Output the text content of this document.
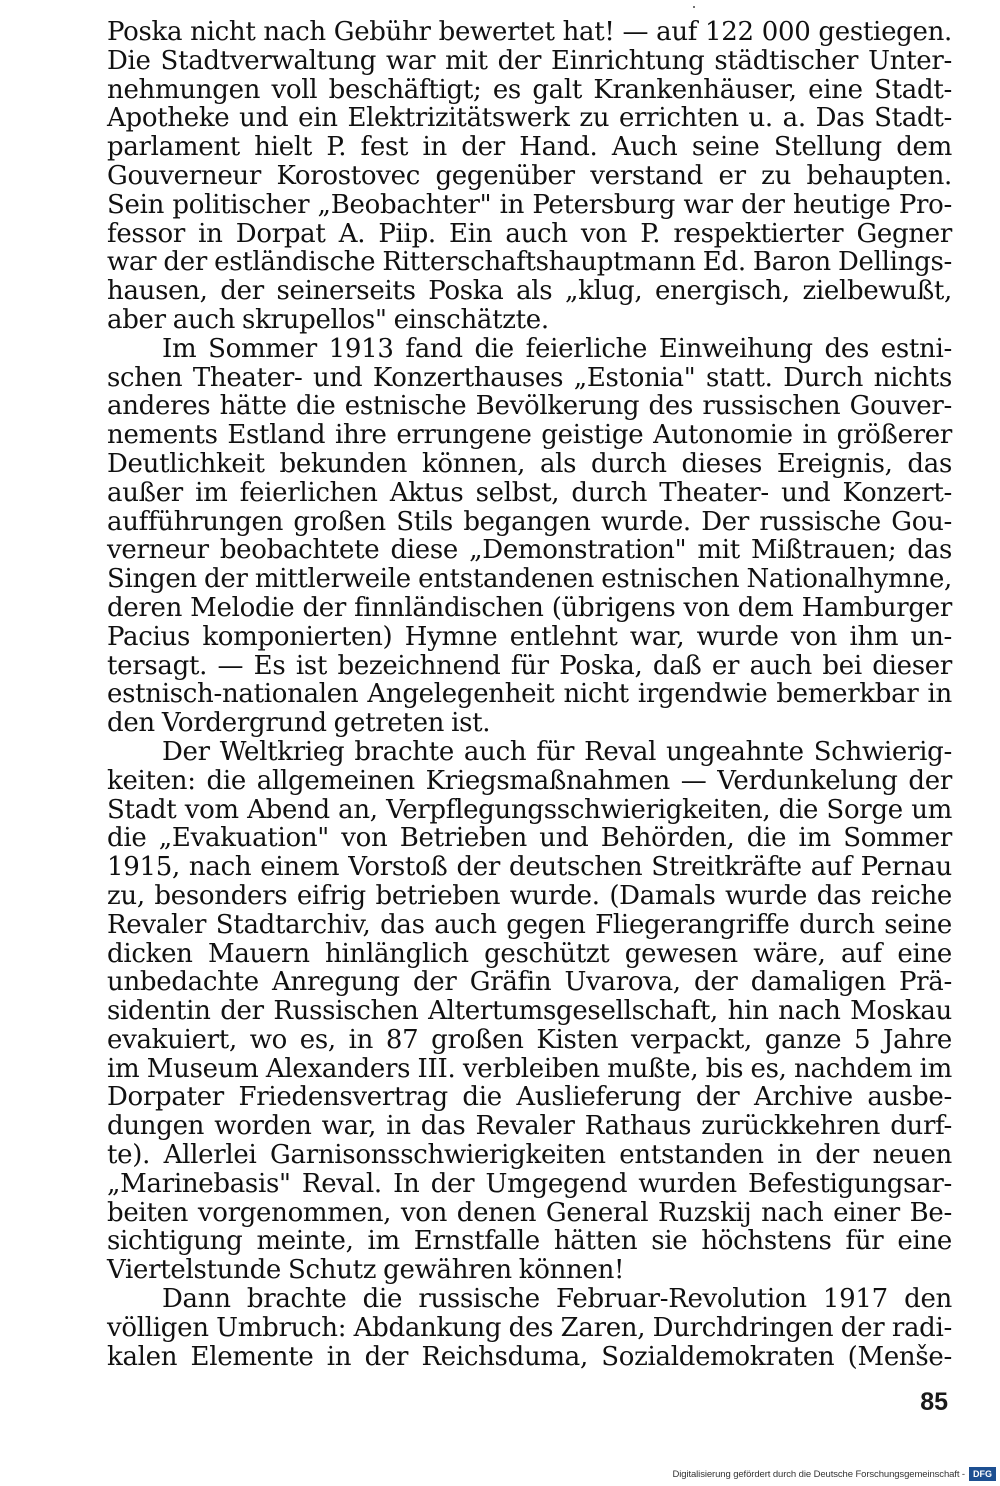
Poska nicht nach Gebühr bewertet hat! — auf 122 000 gestiegen.
Die Stadtverwaltung war mit der Einrichtung städtischer Unter-
nehmungen voll beschäftigt; es galt Krankenhäuser, eine Stadt-
Apotheke und ein Elektrizitätswerk zu errichten u. a. Das Stadt-
parlament hielt P. fest in der Hand. Auch seine Stellung dem
Gouverneur Korostovec gegenüber verstand er zu behaupten.
Sein politischer „Beobachter" in Petersburg war der heutige Pro-
fessor in Dorpat A. Piip. Ein auch von P. respektierter Gegner
war der estländische Ritterschaftshauptmann Ed. Baron Dellings-
hausen, der seinerseits Poska als „klug, energisch, zielbewußt,
aber auch skrupellos" einschätzte.
Im Sommer 1913 fand die feierliche Einweihung des estni-
schen Theater- und Konzerthauses „Estonia" statt. Durch nichts
anderes hätte die estnische Bevölkerung des russischen Gouver-
nements Estland ihre errungene geistige Autonomie in größerer
Deutlichkeit bekunden können, als durch dieses Ereignis, das
außer im feierlichen Aktus selbst, durch Theater- und Konzert-
aufführungen großen Stils begangen wurde. Der russische Gou-
verneur beobachtete diese „Demonstration" mit Mißtrauen; das
Singen der mittlerweile entstandenen estnischen Nationalhymne,
deren Melodie der finnländischen (übrigens von dem Hamburger
Pacius komponierten) Hymne entlehnt war, wurde von ihm un-
tersagt. — Es ist bezeichnend für Poska, daß er auch bei dieser
estnisch-nationalen Angelegenheit nicht irgendwie bemerkbar in
den Vordergrund getreten ist.
Der Weltkrieg brachte auch für Reval ungeahnte Schwierig-
keiten: die allgemeinen Kriegsmaßnahmen — Verdunkelung der
Stadt vom Abend an, Verpflegungsschwierigkeiten, die Sorge um
die „Evakuation" von Betrieben und Behörden, die im Sommer
1915, nach einem Vorstoß der deutschen Streitkräfte auf Pernau
zu, besonders eifrig betrieben wurde. (Damals wurde das reiche
Revaler Stadtarchiv, das auch gegen Fliegerangriffe durch seine
dicken Mauern hinlänglich geschützt gewesen wäre, auf eine
unbedachte Anregung der Gräfin Uvarova, der damaligen Prä-
sidentin der Russischen Altertumsgesellschaft, hin nach Moskau
evakuiert, wo es, in 87 großen Kisten verpackt, ganze 5 Jahre
im Museum Alexanders III. verbleiben mußte, bis es, nachdem im
Dorpater Friedensvertrag die Auslieferung der Archive ausbe-
dungen worden war, in das Revaler Rathaus zurückkehren durf-
te). Allerlei Garnisonsschwierigkeiten entstanden in der neuen
„Marinebasis" Reval. In der Umgegend wurden Befestigungsar-
beiten vorgenommen, von denen General Ruzskij nach einer Be-
sichtigung meinte, im Ernstfalle hätten sie höchstens für eine
Viertelstunde Schutz gewähren können!
Dann brachte die russische Februar-Revolution 1917 den
völligen Umbruch: Abdankung des Zaren, Durchdringen der radi-
kalen Elemente in der Reichsduma, Sozialdemokraten (Menše-
85
Digitalisierung gefördert durch die Deutsche Forschungsgemeinschaft - DFG
